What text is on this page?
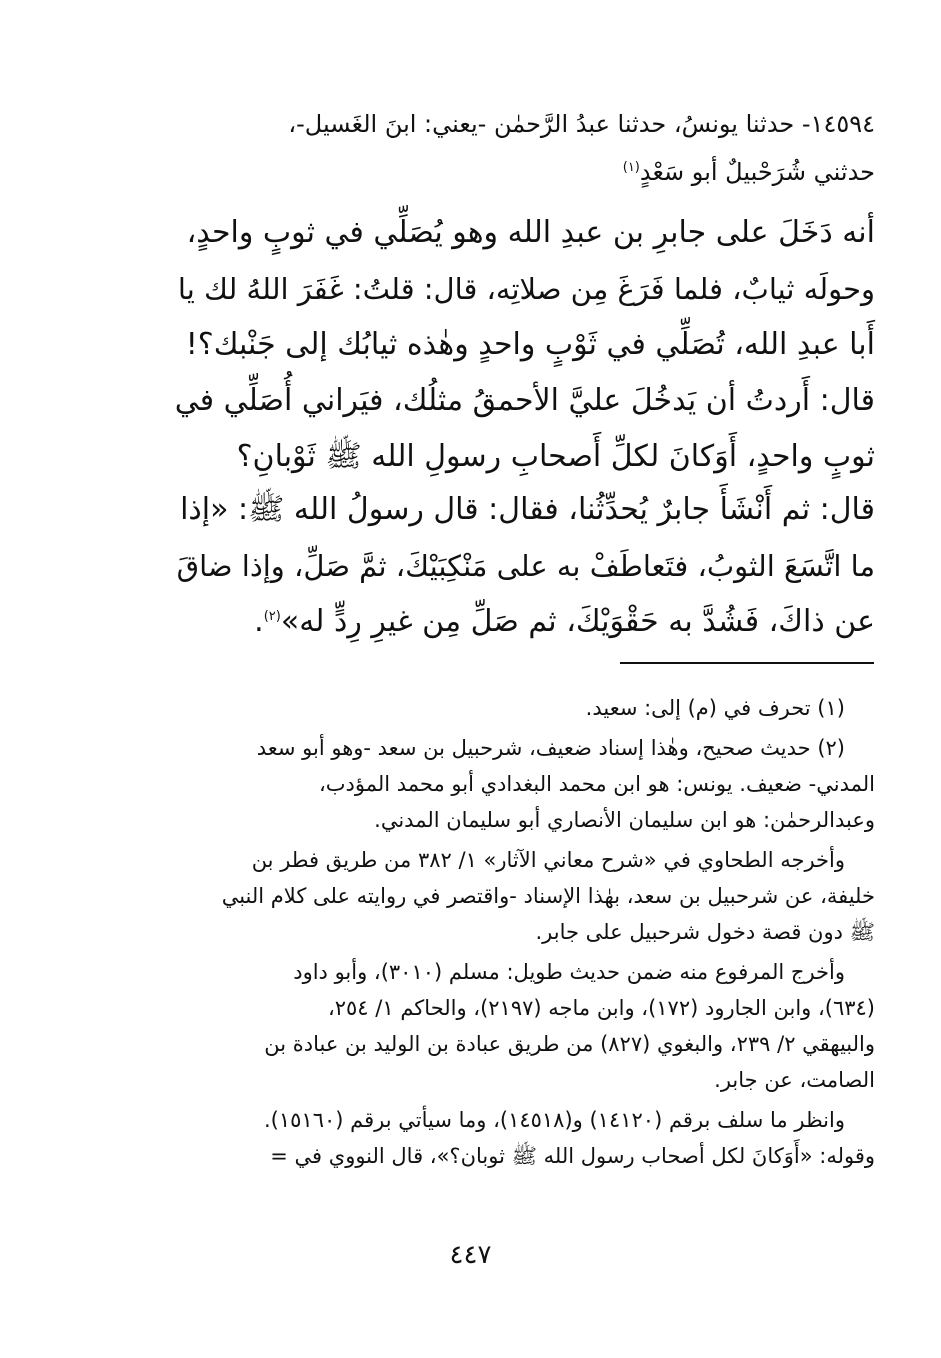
١٤٥٩٤- حدثنا يونسُ، حدثنا عبدُ الرَّحمٰن -يعني: ابنَ الغَسيل-،
حدثني شُرَحْبيلٌ أبو سَعْدٍ$^{(١)}$
أنه دَخَلَ على جابرِ بن عبدِ الله وهو يُصَلِّي في ثوبٍ واحدٍ،
وحولَه ثيابٌ، فلما فَرَغَ مِن صلاتِه، قال: قلتُ: غَفَرَ اللهُ لك يا
أَبا عبدِ الله، تُصَلِّي في ثَوْبٍ واحدٍ وهٰذه ثيابُك إلى جَنْبك؟!
قال: أَردتُ أن يَدخُلَ عليَّ الأحمقُ مثلُك، فيَراني أُصَلِّي في
ثوبٍ واحدٍ، أَوَكانَ لكلِّ أَصحابِ رسولِ الله ﷺ ثَوْبانِ؟
قال: ثم أَنْشَأَ جابرٌ يُحدِّثُنا، فقال: قال رسولُ الله ﷺ: «إذا
ما اتَّسَعَ الثوبُ، فتَعاطَفْ به على مَنْكِبَيْكَ، ثمَّ صَلِّ، وإذا ضاقَ
عن ذاكَ، فَشُدَّ به حَقْوَيْكَ، ثم صَلِّ مِن غيرِ رِدٍّ له»$^{(٢)}$.
(١) تحرف في (م) إلى: سعيد.
(٢) حديث صحيح، وهٰذا إسناد ضعيف، شرحبيل بن سعد -وهو أبو سعد
المدني- ضعيف. يونس: هو ابن محمد البغدادي أبو محمد المؤدب،
وعبدالرحمٰن: هو ابن سليمان الأنصاري أبو سليمان المدني.
وأخرجه الطحاوي في «شرح معاني الآثار» ١/ ٣٨٢ من طريق فطر بن
خليفة، عن شرحبيل بن سعد، بهٰذا الإسناد -واقتصر في روايته على كلام النبي
ﷺ دون قصة دخول شرحبيل على جابر.
وأخرج المرفوع منه ضمن حديث طويل: مسلم (٣٠١٠)، وأبو داود
(٦٣٤)، وابن الجارود (١٧٢)، وابن ماجه (٢١٩٧)، والحاكم ١/ ٢٥٤،
والبيهقي ٢/ ٢٣٩، والبغوي (٨٢٧) من طريق عبادة بن الوليد بن عبادة بن
الصامت، عن جابر.
وانظر ما سلف برقم (١٤١٢٠) و(١٤٥١٨)، وما سيأتي برقم (١٥١٦٠).
وقوله: «أَوَكانَ لكل أصحاب رسول الله ﷺ ثوبان؟»، قال النووي في =
٤٤٧
